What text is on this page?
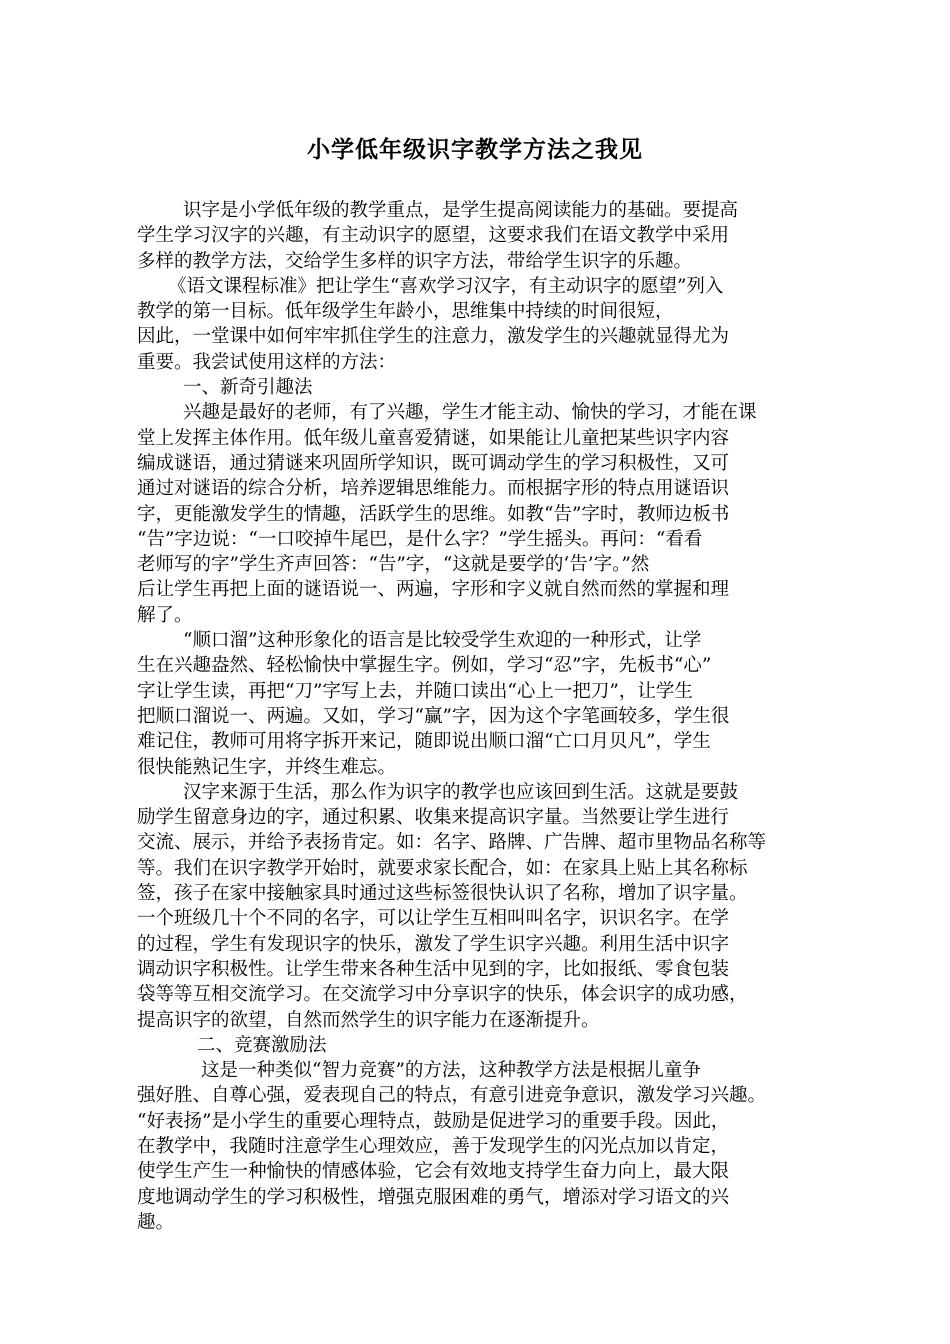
小学低年级识字教学方法之我见
识字是小学低年级的教学重点，是学生提高阅读能力的基础。要提高
学生学习汉字的兴趣，有主动识字的愿望，这要求我们在语文教学中采用
多样的教学方法，交给学生多样的识字方法，带给学生识字的乐趣。
《语文课程标准》把让学生“喜欢学习汉字，有主动识字的愿望”列入
教学的第一目标。低年级学生年龄小，思维集中持续的时间很短，
因此，一堂课中如何牢牢抓住学生的注意力，激发学生的兴趣就显得尤为
重要。我尝试使用这样的方法：
一、新奇引趣法
兴趣是最好的老师，有了兴趣，学生才能主动、愉快的学习，才能在课
堂上发挥主体作用。低年级儿童喜爱猜谜，如果能让儿童把某些识字内容
编成谜语，通过猜谜来巩固所学知识，既可调动学生的学习积极性，又可
通过对谜语的综合分析，培养逻辑思维能力。而根据字形的特点用谜语识
字，更能激发学生的情趣，活跃学生的思维。如教“告”字时，教师边板书
“告”字边说：“一口咬掉牛尾巴，是什么字？”学生摇头。再问：“看看
老师写的字”学生齐声回答：“告”字，“这就是要学的‘告’字。”然
后让学生再把上面的谜语说一、两遍，字形和字义就自然而然的掌握和理
解了。
“顺口溜”这种形象化的语言是比较受学生欢迎的一种形式，让学
生在兴趣盎然、轻松愉快中掌握生字。例如，学习“忍”字，先板书“心”
字让学生读，再把“刀”字写上去，并随口读出“心上一把刀”，让学生
把顺口溜说一、两遍。又如，学习“赢”字，因为这个字笔画较多，学生很
难记住，教师可用将字拆开来记，随即说出顺口溜“亡口月贝凡”，学生
很快能熟记生字，并终生难忘。
汉字来源于生活，那么作为识字的教学也应该回到生活。这就是要鼓
励学生留意身边的字，通过积累、收集来提高识字量。当然要让学生进行
交流、展示，并给予表扬肯定。如：名字、路牌、广告牌、超市里物品名称等
等。我们在识字教学开始时，就要求家长配合，如：在家具上贴上其名称标
签，孩子在家中接触家具时通过这些标签很快认识了名称，增加了识字量。
一个班级几十个不同的名字，可以让学生互相叫叫名字，识识名字。在学
的过程，学生有发现识字的快乐，激发了学生识字兴趣。利用生活中识字
调动识字积极性。让学生带来各种生活中见到的字，比如报纸、零食包装
袋等等互相交流学习。在交流学习中分享识字的快乐，体会识字的成功感，
提高识字的欲望，自然而然学生的识字能力在逐渐提升。
二、竞赛激励法
这是一种类似“智力竞赛”的方法，这种教学方法是根据儿童争
强好胜、自尊心强，爱表现自己的特点，有意引进竞争意识，激发学习兴趣。
“好表扬”是小学生的重要心理特点，鼓励是促进学习的重要手段。因此，
在教学中，我随时注意学生心理效应，善于发现学生的闪光点加以肯定，
使学生产生一种愉快的情感体验，它会有效地支持学生奋力向上，最大限
度地调动学生的学习积极性，增强克服困难的勇气，增添对学习语文的兴
趣。
